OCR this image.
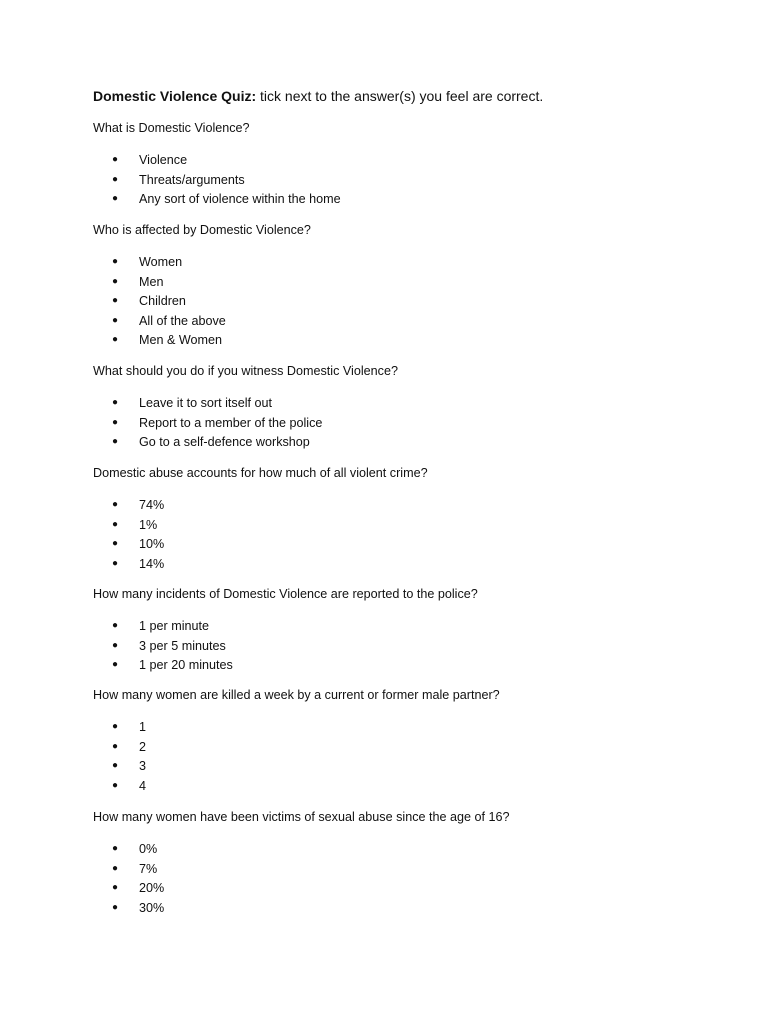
Domestic Violence Quiz: tick next to the answer(s) you feel are correct.
What is Domestic Violence?
● Violence
● Threats/arguments
● Any sort of violence within the home
Who is affected by Domestic Violence?
● Women
● Men
● Children
● All of the above
● Men & Women
What should you do if you witness Domestic Violence?
● Leave it to sort itself out
● Report to a member of the police
● Go to a self-defence workshop
Domestic abuse accounts for how much of all violent crime?
● 74%
● 1%
● 10%
● 14%
How many incidents of Domestic Violence are reported to the police?
● 1 per minute
● 3 per 5 minutes
● 1 per 20 minutes
How many women are killed a week by a current or former male partner?
● 1
● 2
● 3
● 4
How many women have been victims of sexual abuse since the age of 16?
● 0%
● 7%
● 20%
● 30%
